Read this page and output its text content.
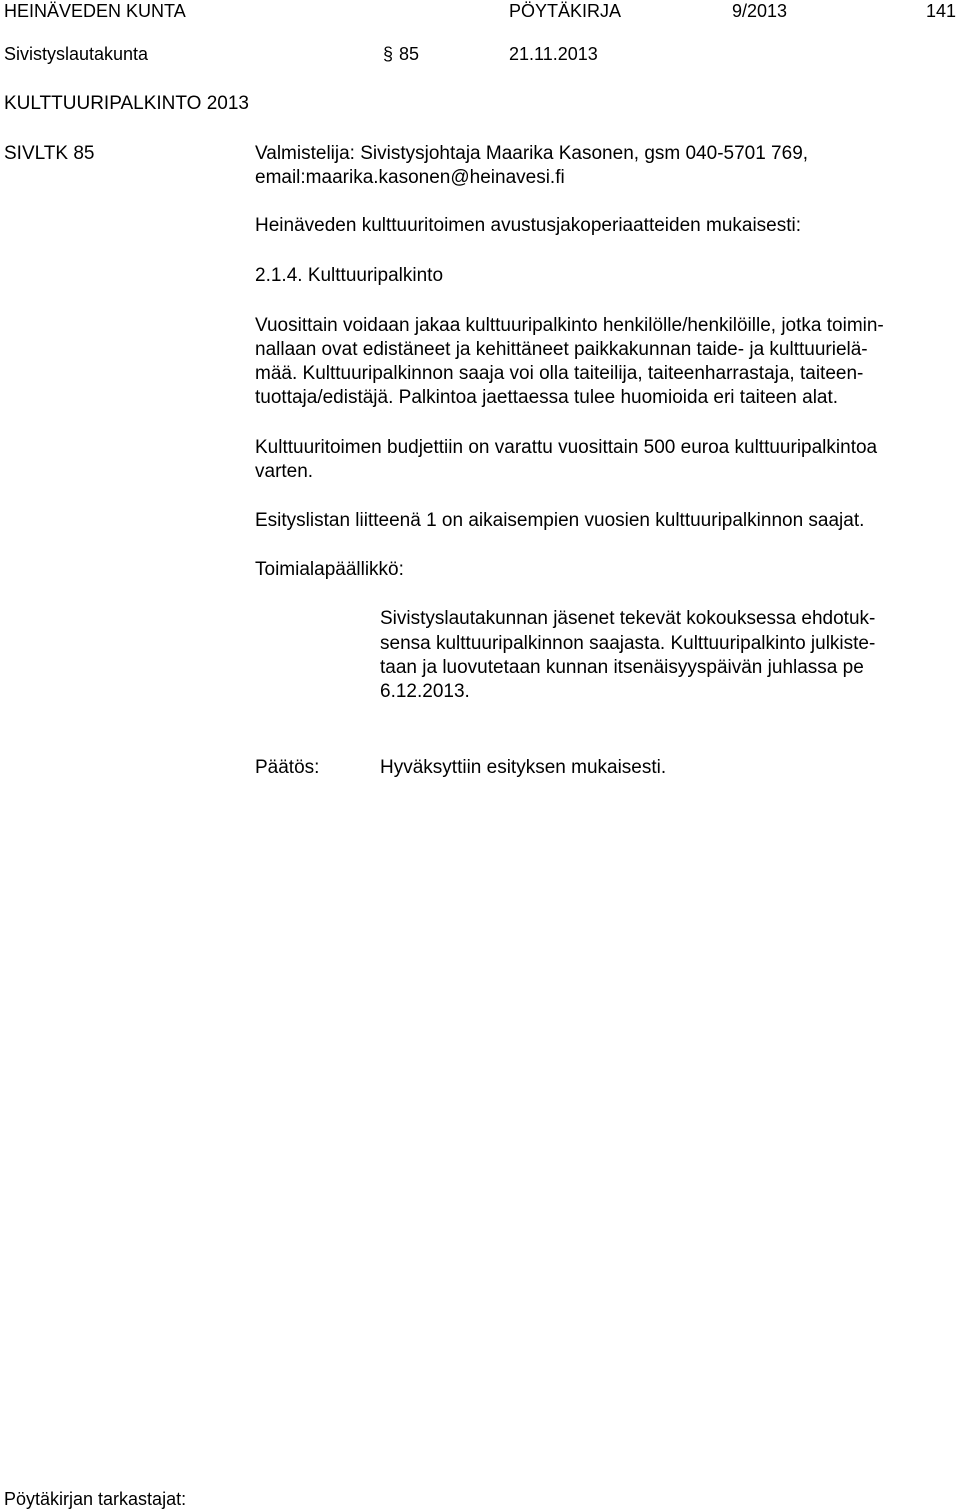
HEINÄVEDEN KUNTA	PÖYTÄKIRJA	9/2013	141
Sivistyslautakunta	§ 85	21.11.2013
KULTTUURIPALKINTO 2013
SIVLTK 85	Valmistelija: Sivistysjohtaja Maarika Kasonen, gsm 040-5701 769,
email:maarika.kasonen@heinavesi.fi
Heinäveden kulttuuritoimen avustusjakoperiaatteiden mukaisesti:
2.1.4. Kulttuuripalkinto
Vuosittain voidaan jakaa kulttuuripalkinto henkilölle/henkilöille, jotka toimin-
nallaan ovat edistäneet ja kehittäneet paikkakunnan taide- ja kulttuurielä-
mää. Kulttuuripalkinnon saaja voi olla taiteilija, taiteenharrastaja, taiteen-
tuottaja/edistäjä. Palkintoa jaettaessa tulee huomioida eri taiteen alat.
Kulttuuritoimen budjettiin on varattu vuosittain 500 euroa kulttuuripalkintoa
varten.
Esityslistan liitteenä 1 on aikaisempien vuosien kulttuuripalkinnon saajat.
Toimialapäällikkö:
Sivistyslautakunnan jäsenet tekevät kokouksessa ehdotuk-
sensa kulttuuripalkinnon saajasta. Kulttuuripalkinto julkiste-
taan ja luovutetaan kunnan itsenäisyyspäivän juhlassa pe
6.12.2013.
Päätös:	Hyväksyttiin esityksen mukaisesti.
Pöytäkirjan tarkastajat:
